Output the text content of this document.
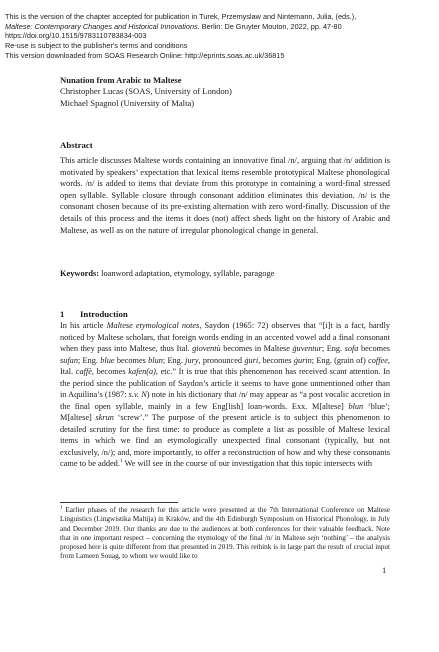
This is the version of the chapter accepted for publication in Turek, Przemyslaw and Nintemann, Julia, (eds.),
Maltese: Contemporary Changes and Historical Innovations. Berlin: De Gruyter Mouton, 2022, pp. 47-80
https://doi.org/10.1515/9783110783834-003
Re-use is subject to the publisher's terms and conditions
This version downloaded from SOAS Research Online: http://eprints.soas.ac.uk/36815
Nunation from Arabic to Maltese
Christopher Lucas (SOAS, University of London)
Michael Spagnol (University of Malta)
Abstract
This article discusses Maltese words containing an innovative final /n/, arguing that /n/ addition is motivated by speakers’ expectation that lexical items resemble prototypical Maltese phonological words. /n/ is added to items that deviate from this prototype in containing a word-final stressed open syllable. Syllable closure through consonant addition eliminates this deviation. /n/ is the consonant chosen because of its pre-existing alternation with zero word-finally. Discussion of the details of this process and the items it does (not) affect sheds light on the history of Arabic and Maltese, as well as on the nature of irregular phonological change in general.
Keywords: loanword adaptation, etymology, syllable, paragoge
1 Introduction
In his article Maltese etymological notes, Saydon (1965: 72) observes that “[i]t is a fact, hardly noticed by Maltese scholars, that foreign words ending in an accented vowel add a final consonant when they pass into Maltese, thus Ital. gioventù becomes in Maltese ġuventur; Eng. sofa becomes sufan; Eng. blue becomes blun; Eng. jury, pronounced ġuri, becomes ġurin; Eng. (grain of) coffee, Ital. caffè, becomes kafen(a), etc.” It is true that this phenomenon has received scant attention. In the period since the publication of Saydon’s article it seems to have gone unmentioned other than in Aquilina’s (1987: s.v. N) note in his dictionary that /n/ may appear as “a post vocalic accretion in the final open syllable, mainly in a few Eng[lish] loan-words. Exx. M[altese] blun ‘blue’; M[altese] skrun ‘screw’.” The purpose of the present article is to subject this phenomenon to detailed scrutiny for the first time: to produce as complete a list as possible of Maltese lexical items in which we find an etymologically unexpected final consonant (typically, but not exclusively, /n/); and, more importantly, to offer a reconstruction of how and why these consonants came to be added.$^1$ We will see in the course of our investigation that this topic intersects with
$^1$ Earlier phases of the research for this article were presented at the 7th International Conference on Maltese Linguistics (Lingwistika Maltija) in Kraków, and the 4th Edinburgh Symposium on Historical Phonology, in July and December 2019. Our thanks are due to the audiences at both conferences for their valuable feedback. Note that in one important respect – concerning the etymology of the final /n/ in Maltese sejn ‘nothing’ – the analysis proposed here is quite different from that presented in 2019. This rethink is in large part the result of crucial input from Lameen Souag, to whom we would like to
1
